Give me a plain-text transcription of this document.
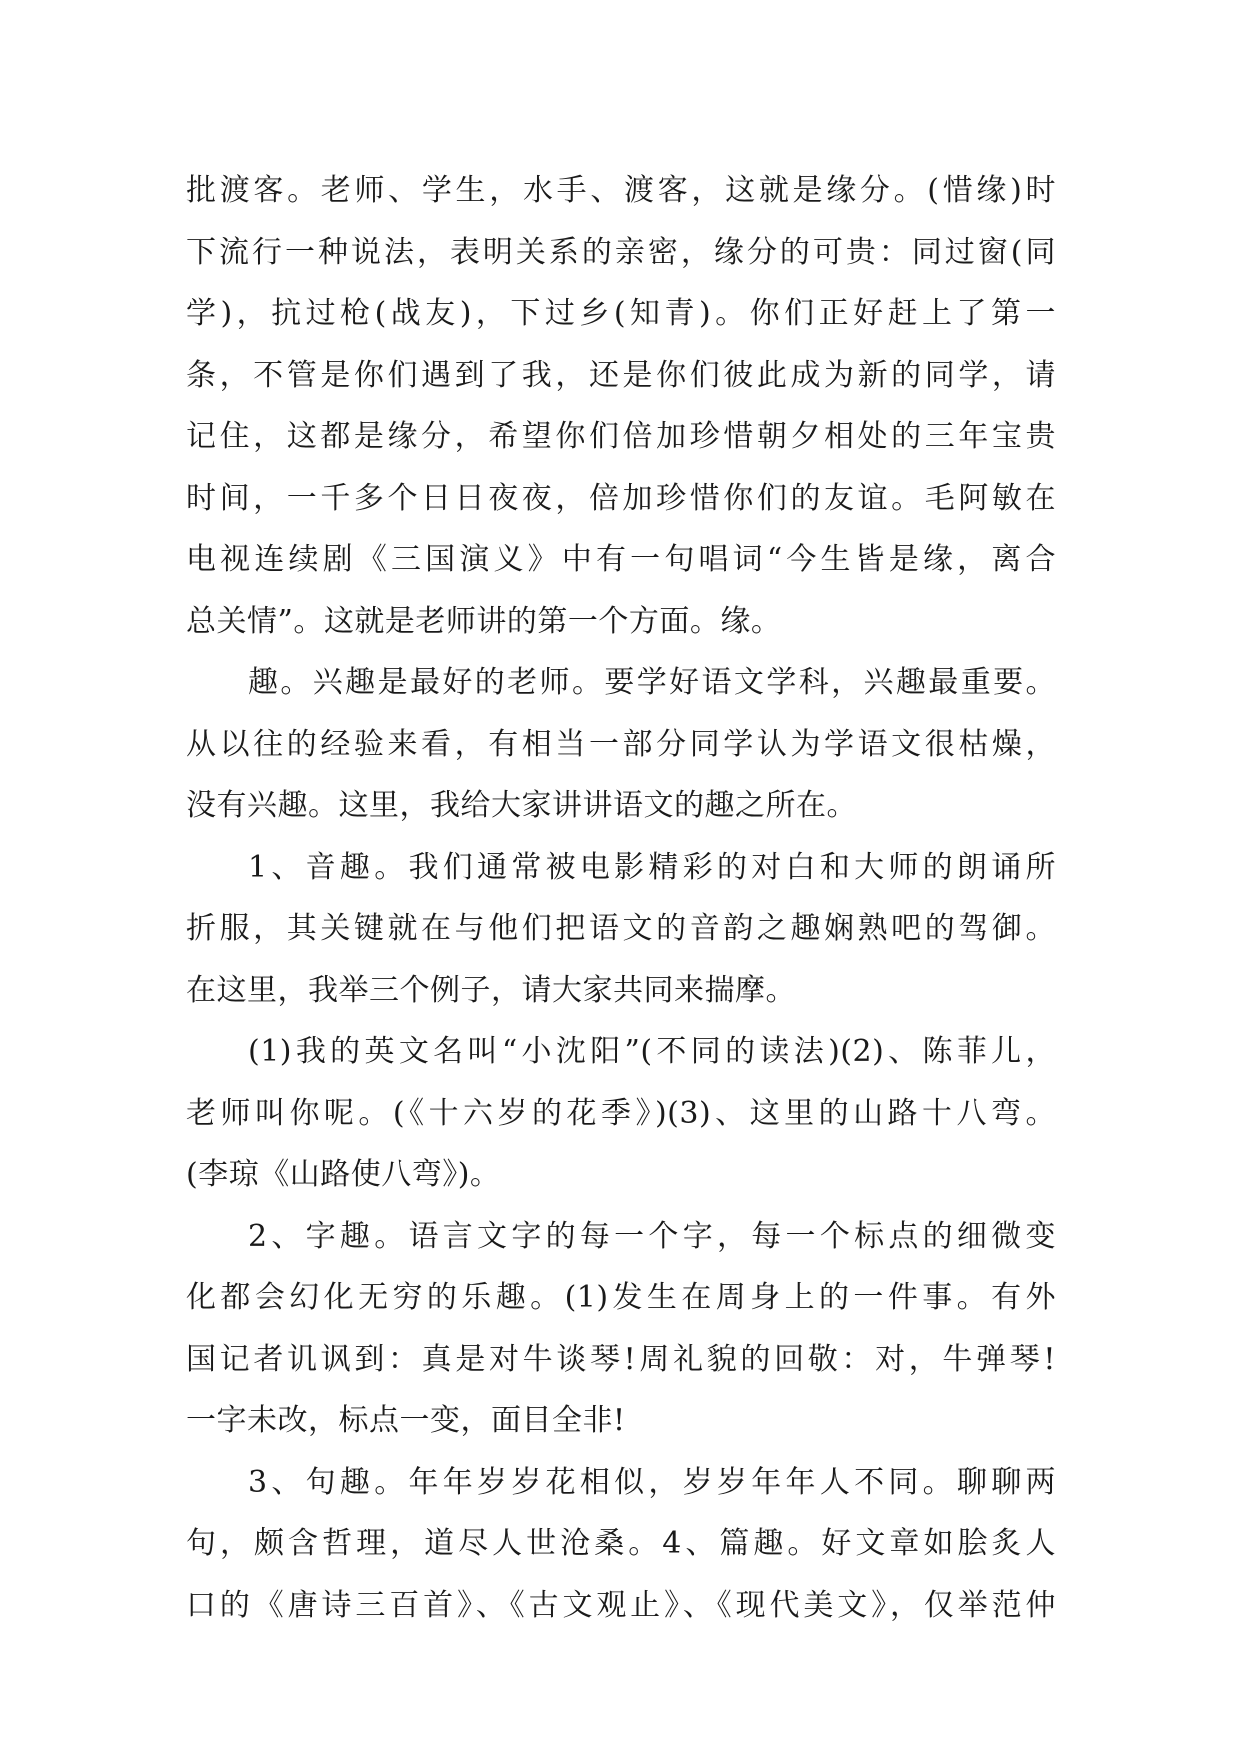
批渡客。老师、学生，水手、渡客，这就是缘分。(惜缘)时
下流行一种说法，表明关系的亲密，缘分的可贵：同过窗(同
学)，抗过枪(战友)，下过乡(知青)。你们正好赶上了第一
条，不管是你们遇到了我，还是你们彼此成为新的同学，请
记住，这都是缘分，希望你们倍加珍惜朝夕相处的三年宝贵
时间，一千多个日日夜夜，倍加珍惜你们的友谊。毛阿敏在
电视连续剧《三国演义》中有一句唱词“今生皆是缘，离合
总关情”。这就是老师讲的第一个方面。缘。
趣。兴趣是最好的老师。要学好语文学科，兴趣最重要。
从以往的经验来看，有相当一部分同学认为学语文很枯燥，
没有兴趣。这里，我给大家讲讲语文的趣之所在。
1、音趣。我们通常被电影精彩的对白和大师的朗诵所
折服，其关键就在与他们把语文的音韵之趣娴熟吧的驾御。
在这里，我举三个例子，请大家共同来揣摩。
(1)我的英文名叫“小沈阳”(不同的读法)(2)、陈菲儿，
老师叫你呢。(《十六岁的花季》)(3)、这里的山路十八弯。
(李琼《山路使八弯》)。
2、字趣。语言文字的每一个字，每一个标点的细微变
化都会幻化无穷的乐趣。(1)发生在周身上的一件事。有外
国记者讥讽到：真是对牛谈琴!周礼貌的回敬：对，牛弹琴!
一字未改，标点一变，面目全非!
3、句趣。年年岁岁花相似，岁岁年年人不同。聊聊两
句，颇含哲理，道尽人世沧桑。4、篇趣。好文章如脍炙人
口的《唐诗三百首》、《古文观止》、《现代美文》，仅举范仲
